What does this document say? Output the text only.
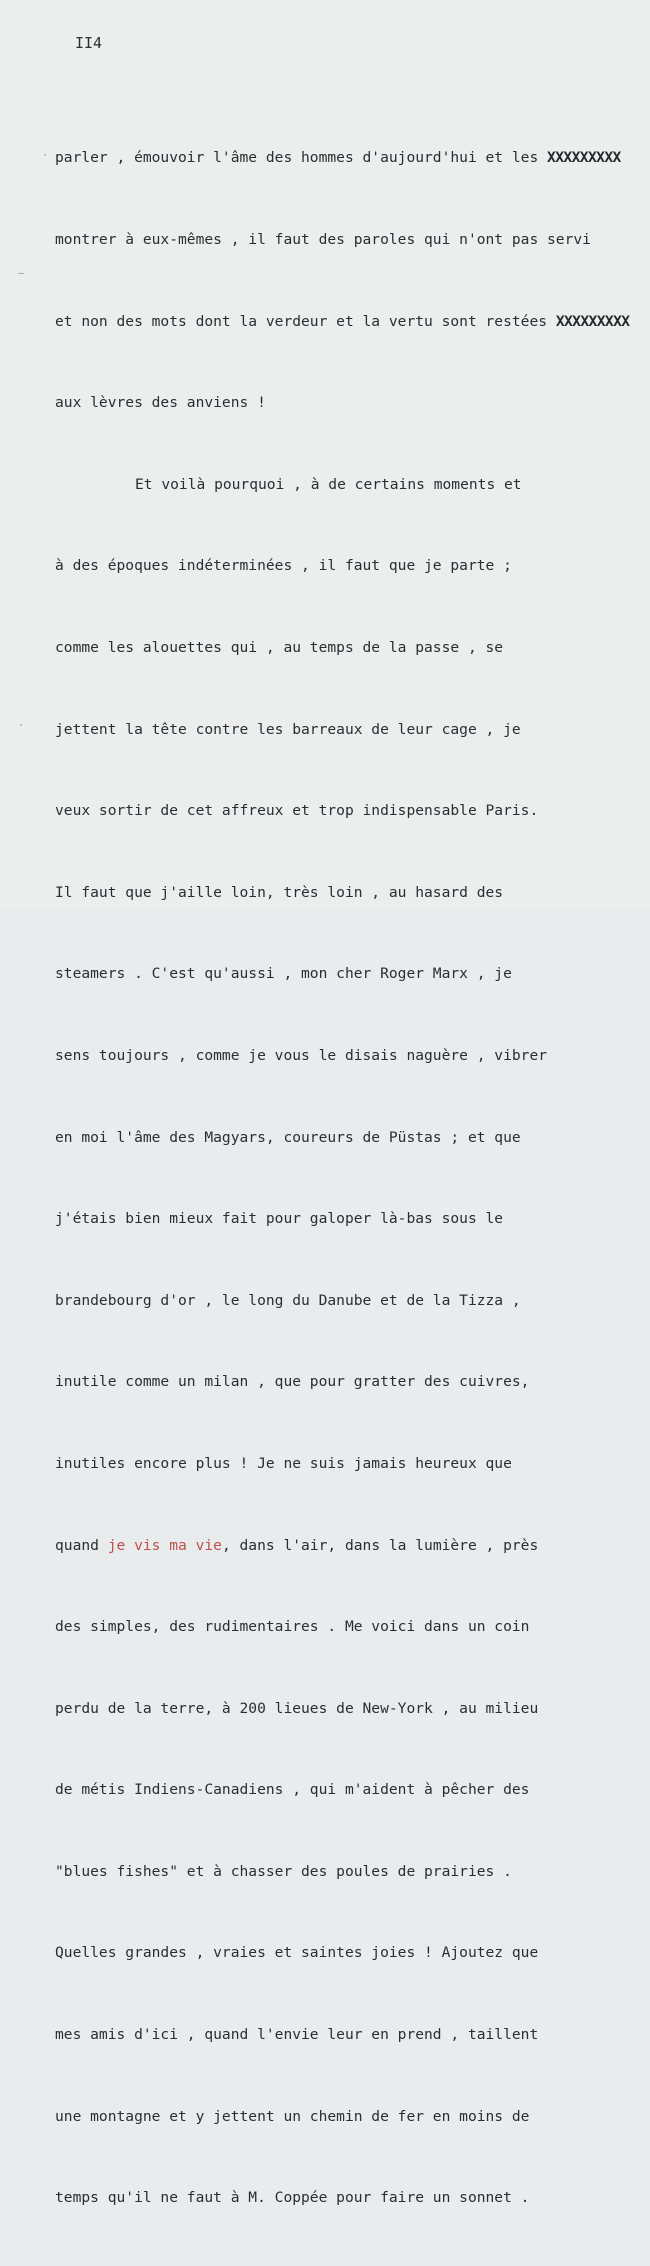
II4

parler , émouvoir l'âme des hommes d'aujourd'hui et les XXXXXXXXX

montrer à eux-mêmes , il faut des paroles qui n'ont pas servi

et non des mots dont la verdeur et la vertu sont restées XXXXXXXXX

aux lèvres des anviens !

Et voilà pourquoi , à de certains moments et

à des époques indéterminées , il faut que je parte ;

comme les alouettes qui , au temps de la passe , se

jettent la tête contre les barreaux de leur cage , je

veux sortir de cet affreux et trop indispensable Paris.

Il faut que j'aille loin, très loin , au hasard des

steamers . C'est qu'aussi , mon cher Roger Marx , je

sens toujours , comme je vous le disais naguère , vibrer

en moi l'âme des Magyars, coureurs de Püstas ; et que

j'étais bien mieux fait pour galoper là-bas sous le

brandebourg d'or , le long du Danube et de la Tizza ,

inutile comme un milan , que pour gratter des cuivres,

inutiles encore plus ! Je ne suis jamais heureux que

quand je vis ma vie, dans l'air, dans la lumière , près

des simples, des rudimentaires . Me voici dans un coin

perdu de la terre, à 200 lieues de New-York , au milieu

de métis Indiens-Canadiens , qui m'aident à pêcher des

"blues fishes" et à chasser des poules de prairies .

Quelles grandes , vraies et saintes joies ! Ajoutez que

mes amis d'ici , quand l'envie leur en prend , taillent

une montagne et y jettent un chemin de fer en moins de

temps qu'il ne faut à M. Coppée pour faire un sonnet .

·
—
·
